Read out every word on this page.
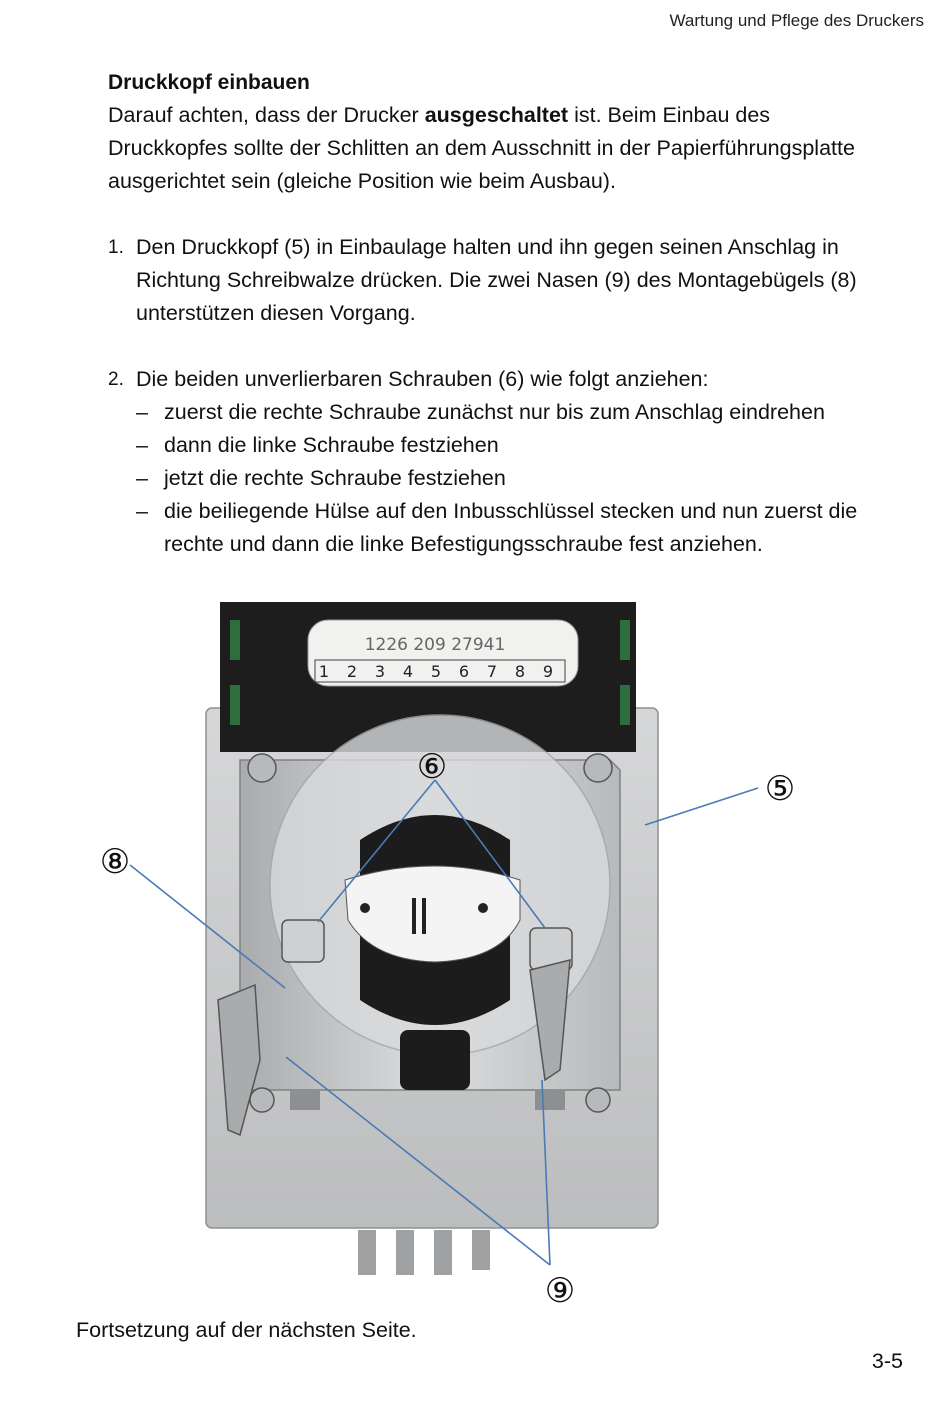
Wartung und Pflege des Druckers
Druckkopf einbauen

Darauf achten, dass der Drucker ausgeschaltet ist. Beim Einbau des
Druckkopfes sollte der Schlitten an dem Ausschnitt in der Papierführungsplatte
ausgerichtet sein (gleiche Position wie beim Ausbau).

1. Den Druckkopf (5) in Einbaulage halten und ihn gegen seinen Anschlag in
Richtung Schreibwalze drücken. Die zwei Nasen (9) des Montagebügels (8)
unterstützen diesen Vorgang.
2. Die beiden unverlierbaren Schrauben (6) wie folgt anziehen:
– zuerst die rechte Schraube zunächst nur bis zum Anschlag eindrehen
– dann die linke Schraube festziehen
– jetzt die rechte Schraube festziehen
– die beiliegende Hülse auf den Inbusschlüssel stecken und nun zuerst die
rechte und dann die linke Befestigungsschraube fest anziehen.
1226 209 27941
1 2 3 4 5 6 7 8 9
⑥
⑤
⑧
⑨
Fortsetzung auf der nächsten Seite.
3-5
